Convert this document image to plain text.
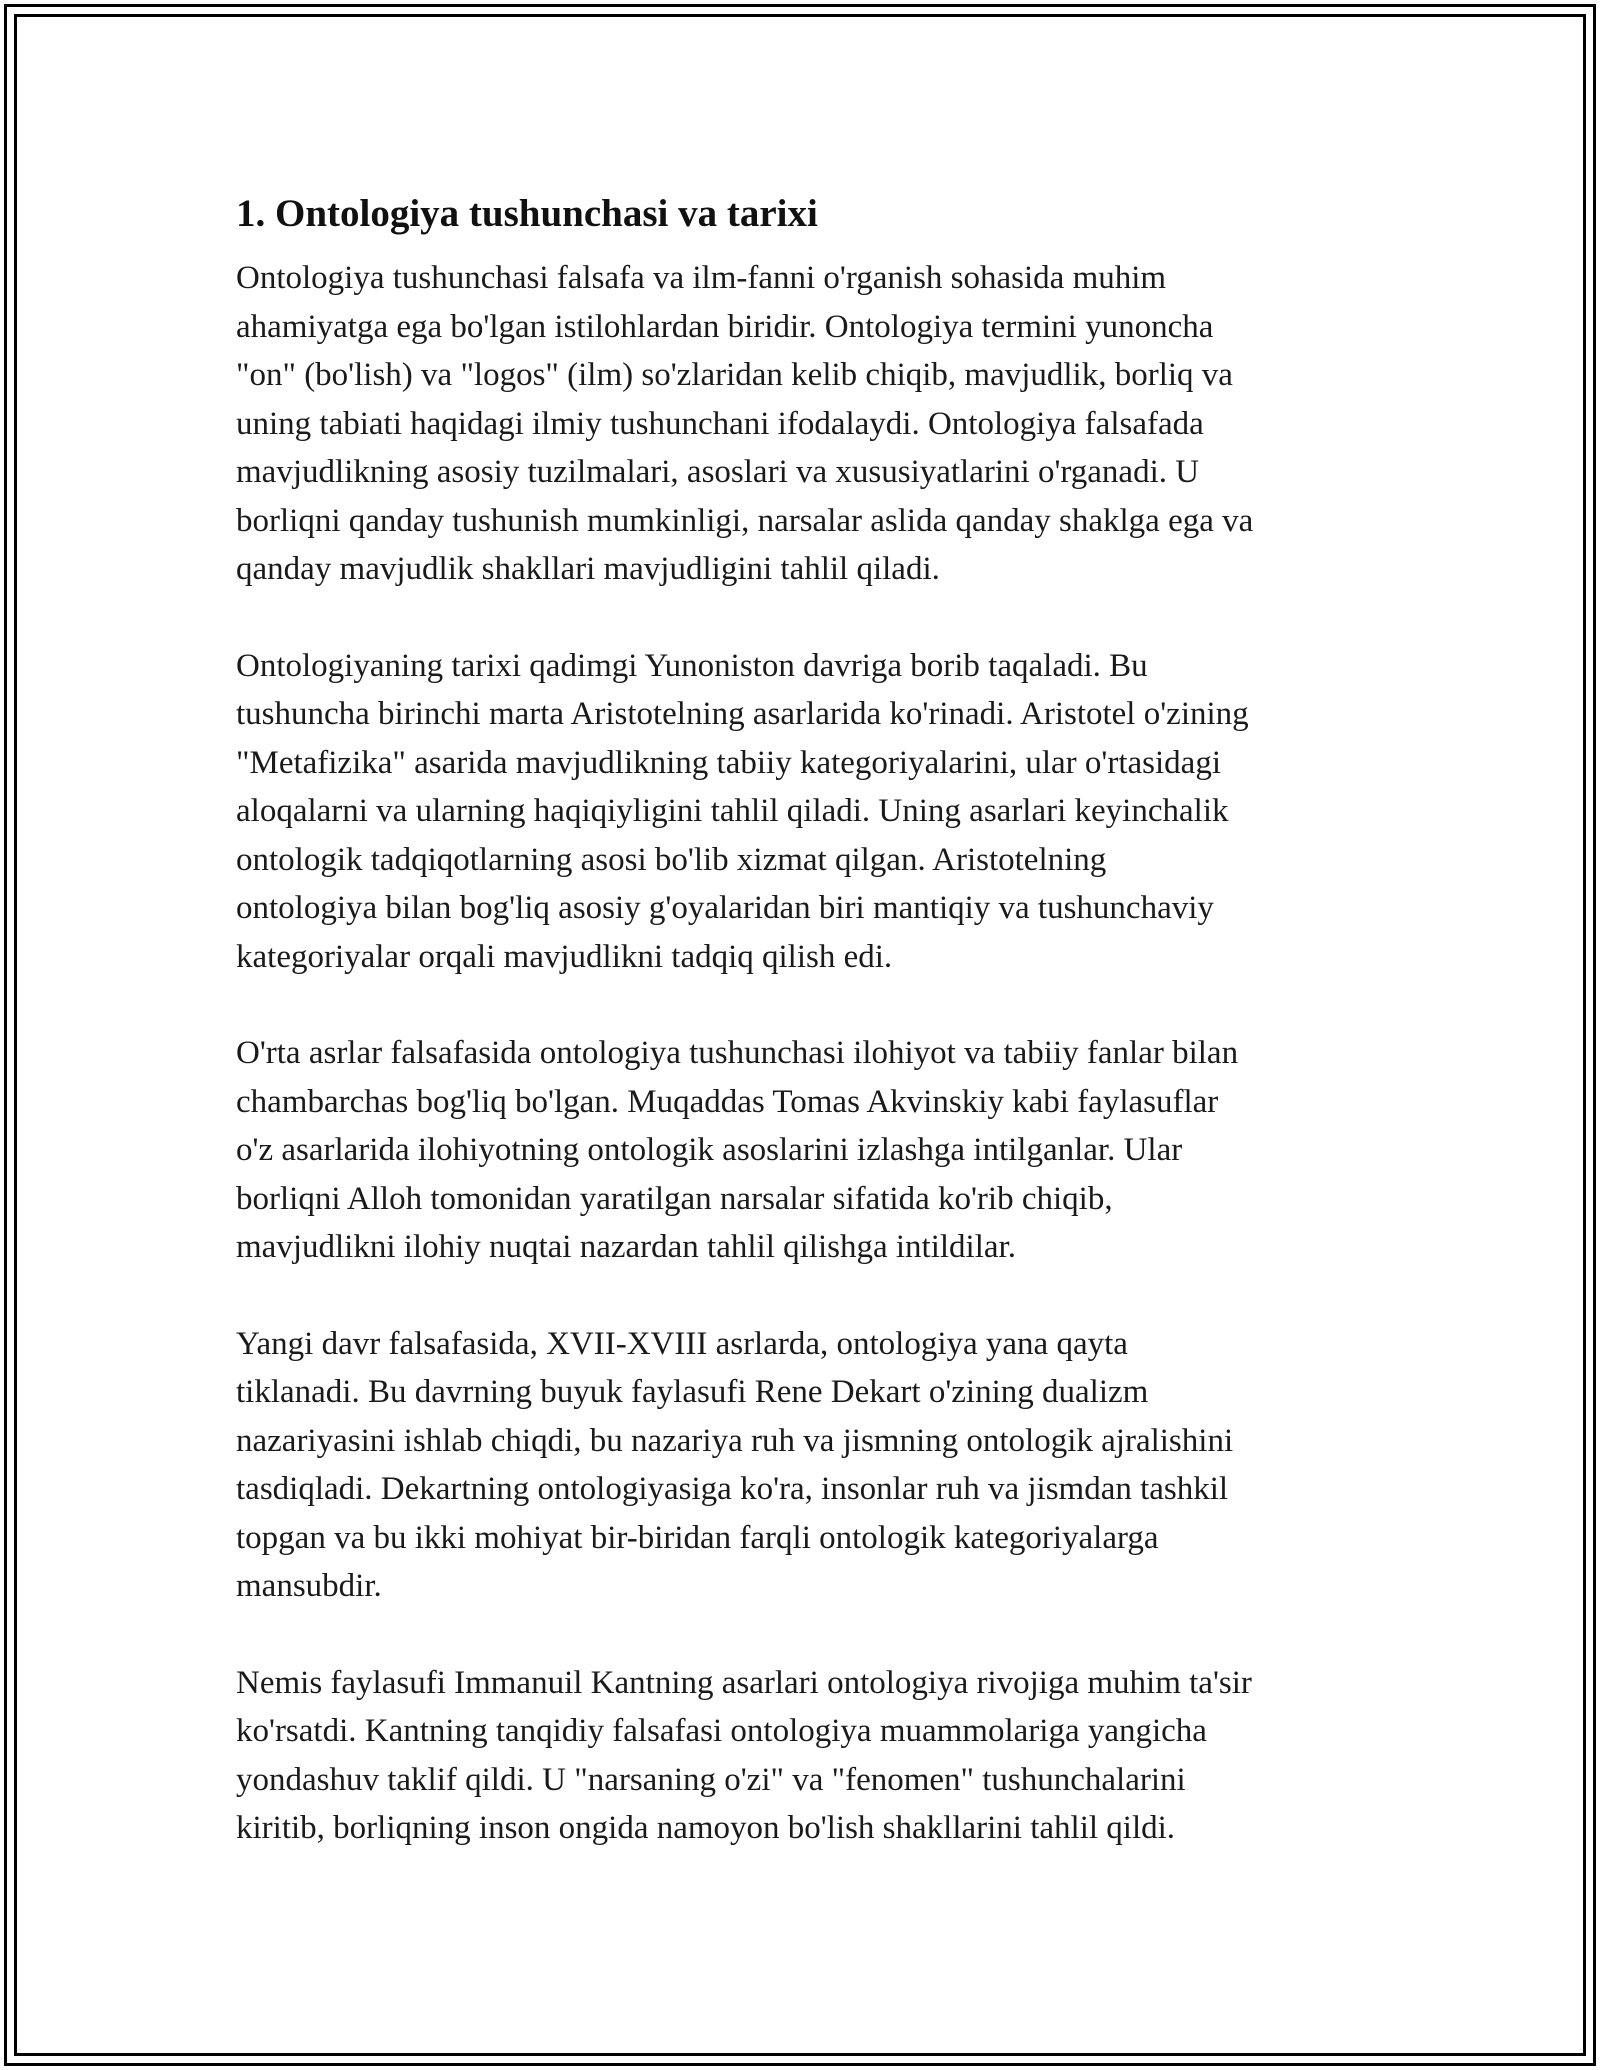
1. Ontologiya tushunchasi va tarixi

Ontologiya tushunchasi falsafa va ilm-fanni o'rganish sohasida muhim
ahamiyatga ega bo'lgan istilohlardan biridir. Ontologiya termini yunoncha
"on" (bo'lish) va "logos" (ilm) so'zlaridan kelib chiqib, mavjudlik, borliq va
uning tabiati haqidagi ilmiy tushunchani ifodalaydi. Ontologiya falsafada
mavjudlikning asosiy tuzilmalari, asoslari va xususiyatlarini o'rganadi. U
borliqni qanday tushunish mumkinligi, narsalar aslida qanday shaklga ega va
qanday mavjudlik shakllari mavjudligini tahlil qiladi.

Ontologiyaning tarixi qadimgi Yunoniston davriga borib taqaladi. Bu
tushuncha birinchi marta Aristotelning asarlarida ko'rinadi. Aristotel o'zining
"Metafizika" asarida mavjudlikning tabiiy kategoriyalarini, ular o'rtasidagi
aloqalarni va ularning haqiqiyligini tahlil qiladi. Uning asarlari keyinchalik
ontologik tadqiqotlarning asosi bo'lib xizmat qilgan. Aristotelning
ontologiya bilan bog'liq asosiy g'oyalaridan biri mantiqiy va tushunchaviy
kategoriyalar orqali mavjudlikni tadqiq qilish edi.

O'rta asrlar falsafasida ontologiya tushunchasi ilohiyot va tabiiy fanlar bilan
chambarchas bog'liq bo'lgan. Muqaddas Tomas Akvinskiy kabi faylasuflar
o'z asarlarida ilohiyotning ontologik asoslarini izlashga intilganlar. Ular
borliqni Alloh tomonidan yaratilgan narsalar sifatida ko'rib chiqib,
mavjudlikni ilohiy nuqtai nazardan tahlil qilishga intildilar.

Yangi davr falsafasida, XVII-XVIII asrlarda, ontologiya yana qayta
tiklanadi. Bu davrning buyuk faylasufi Rene Dekart o'zining dualizm
nazariyasini ishlab chiqdi, bu nazariya ruh va jismning ontologik ajralishini
tasdiqladi. Dekartning ontologiyasiga ko'ra, insonlar ruh va jismdan tashkil
topgan va bu ikki mohiyat bir-biridan farqli ontologik kategoriyalarga
mansubdir.

Nemis faylasufi Immanuil Kantning asarlari ontologiya rivojiga muhim ta'sir
ko'rsatdi. Kantning tanqidiy falsafasi ontologiya muammolariga yangicha
yondashuv taklif qildi. U "narsaning o'zi" va "fenomen" tushunchalarini
kiritib, borliqning inson ongida namoyon bo'lish shakllarini tahlil qildi.
